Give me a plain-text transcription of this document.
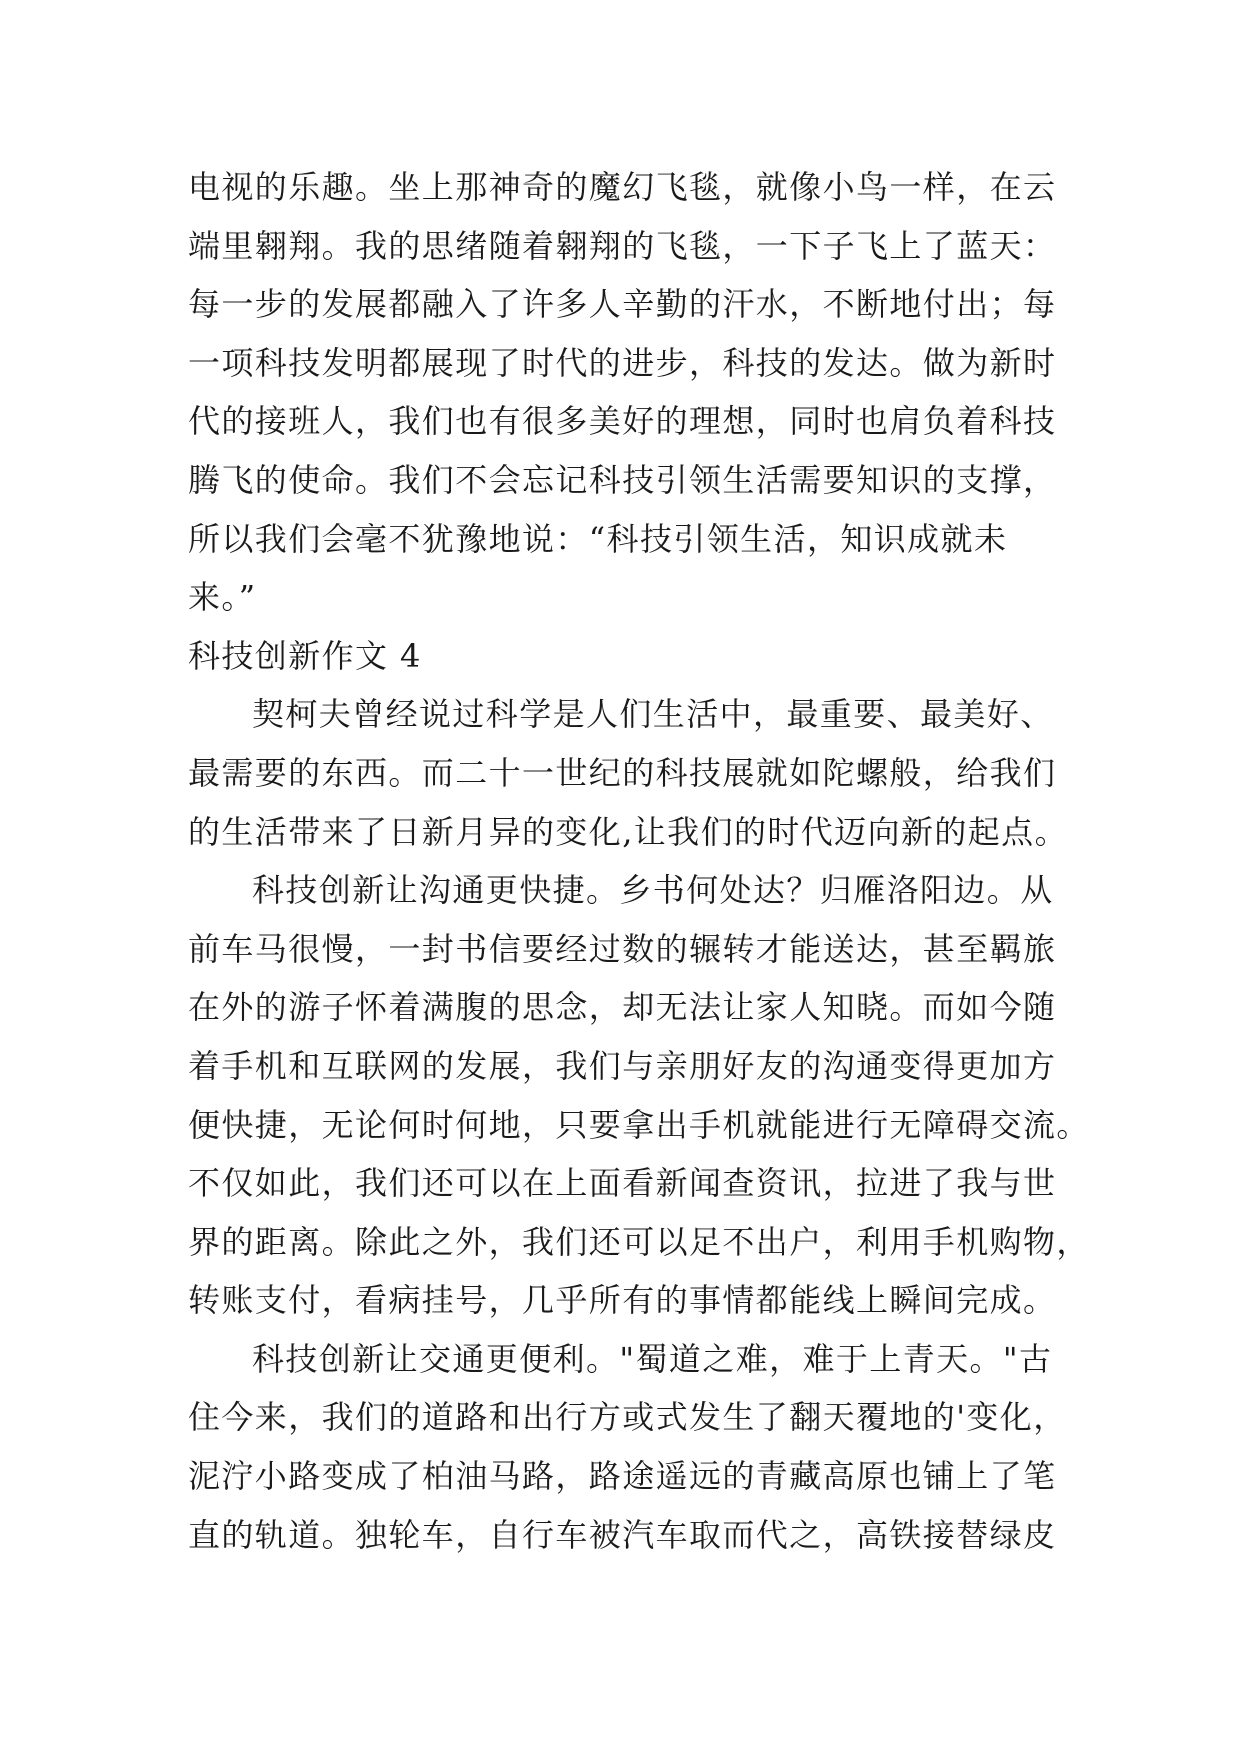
电视的乐趣。坐上那神奇的魔幻飞毯，就像小鸟一样，在云
端里翱翔。我的思绪随着翱翔的飞毯，一下子飞上了蓝天：
每一步的发展都融入了许多人辛勤的汗水，不断地付出；每
一项科技发明都展现了时代的进步，科技的发达。做为新时
代的接班人，我们也有很多美好的理想，同时也肩负着科技
腾飞的使命。我们不会忘记科技引领生活需要知识的支撑，
所以我们会毫不犹豫地说：“科技引领生活，知识成就未
来。”
科技创新作文 4
契柯夫曾经说过科学是人们生活中，最重要、最美好、
最需要的东西。而二十一世纪的科技展就如陀螺般，给我们
的生活带来了日新月异的变化,让我们的时代迈向新的起点。
科技创新让沟通更快捷。乡书何处达？归雁洛阳边。从
前车马很慢，一封书信要经过数的辗转才能送达，甚至羁旅
在外的游子怀着满腹的思念，却无法让家人知晓。而如今随
着手机和互联网的发展，我们与亲朋好友的沟通变得更加方
便快捷，无论何时何地，只要拿出手机就能进行无障碍交流。
不仅如此，我们还可以在上面看新闻查资讯，拉进了我与世
界的距离。除此之外，我们还可以足不出户，利用手机购物，
转账支付，看病挂号，几乎所有的事情都能线上瞬间完成。
科技创新让交通更便利。"蜀道之难，难于上青天。"古
住今来，我们的道路和出行方或式发生了翻天覆地的'变化，
泥泞小路变成了柏油马路，路途遥远的青藏高原也铺上了笔
直的轨道。独轮车，自行车被汽车取而代之，高铁接替绿皮
